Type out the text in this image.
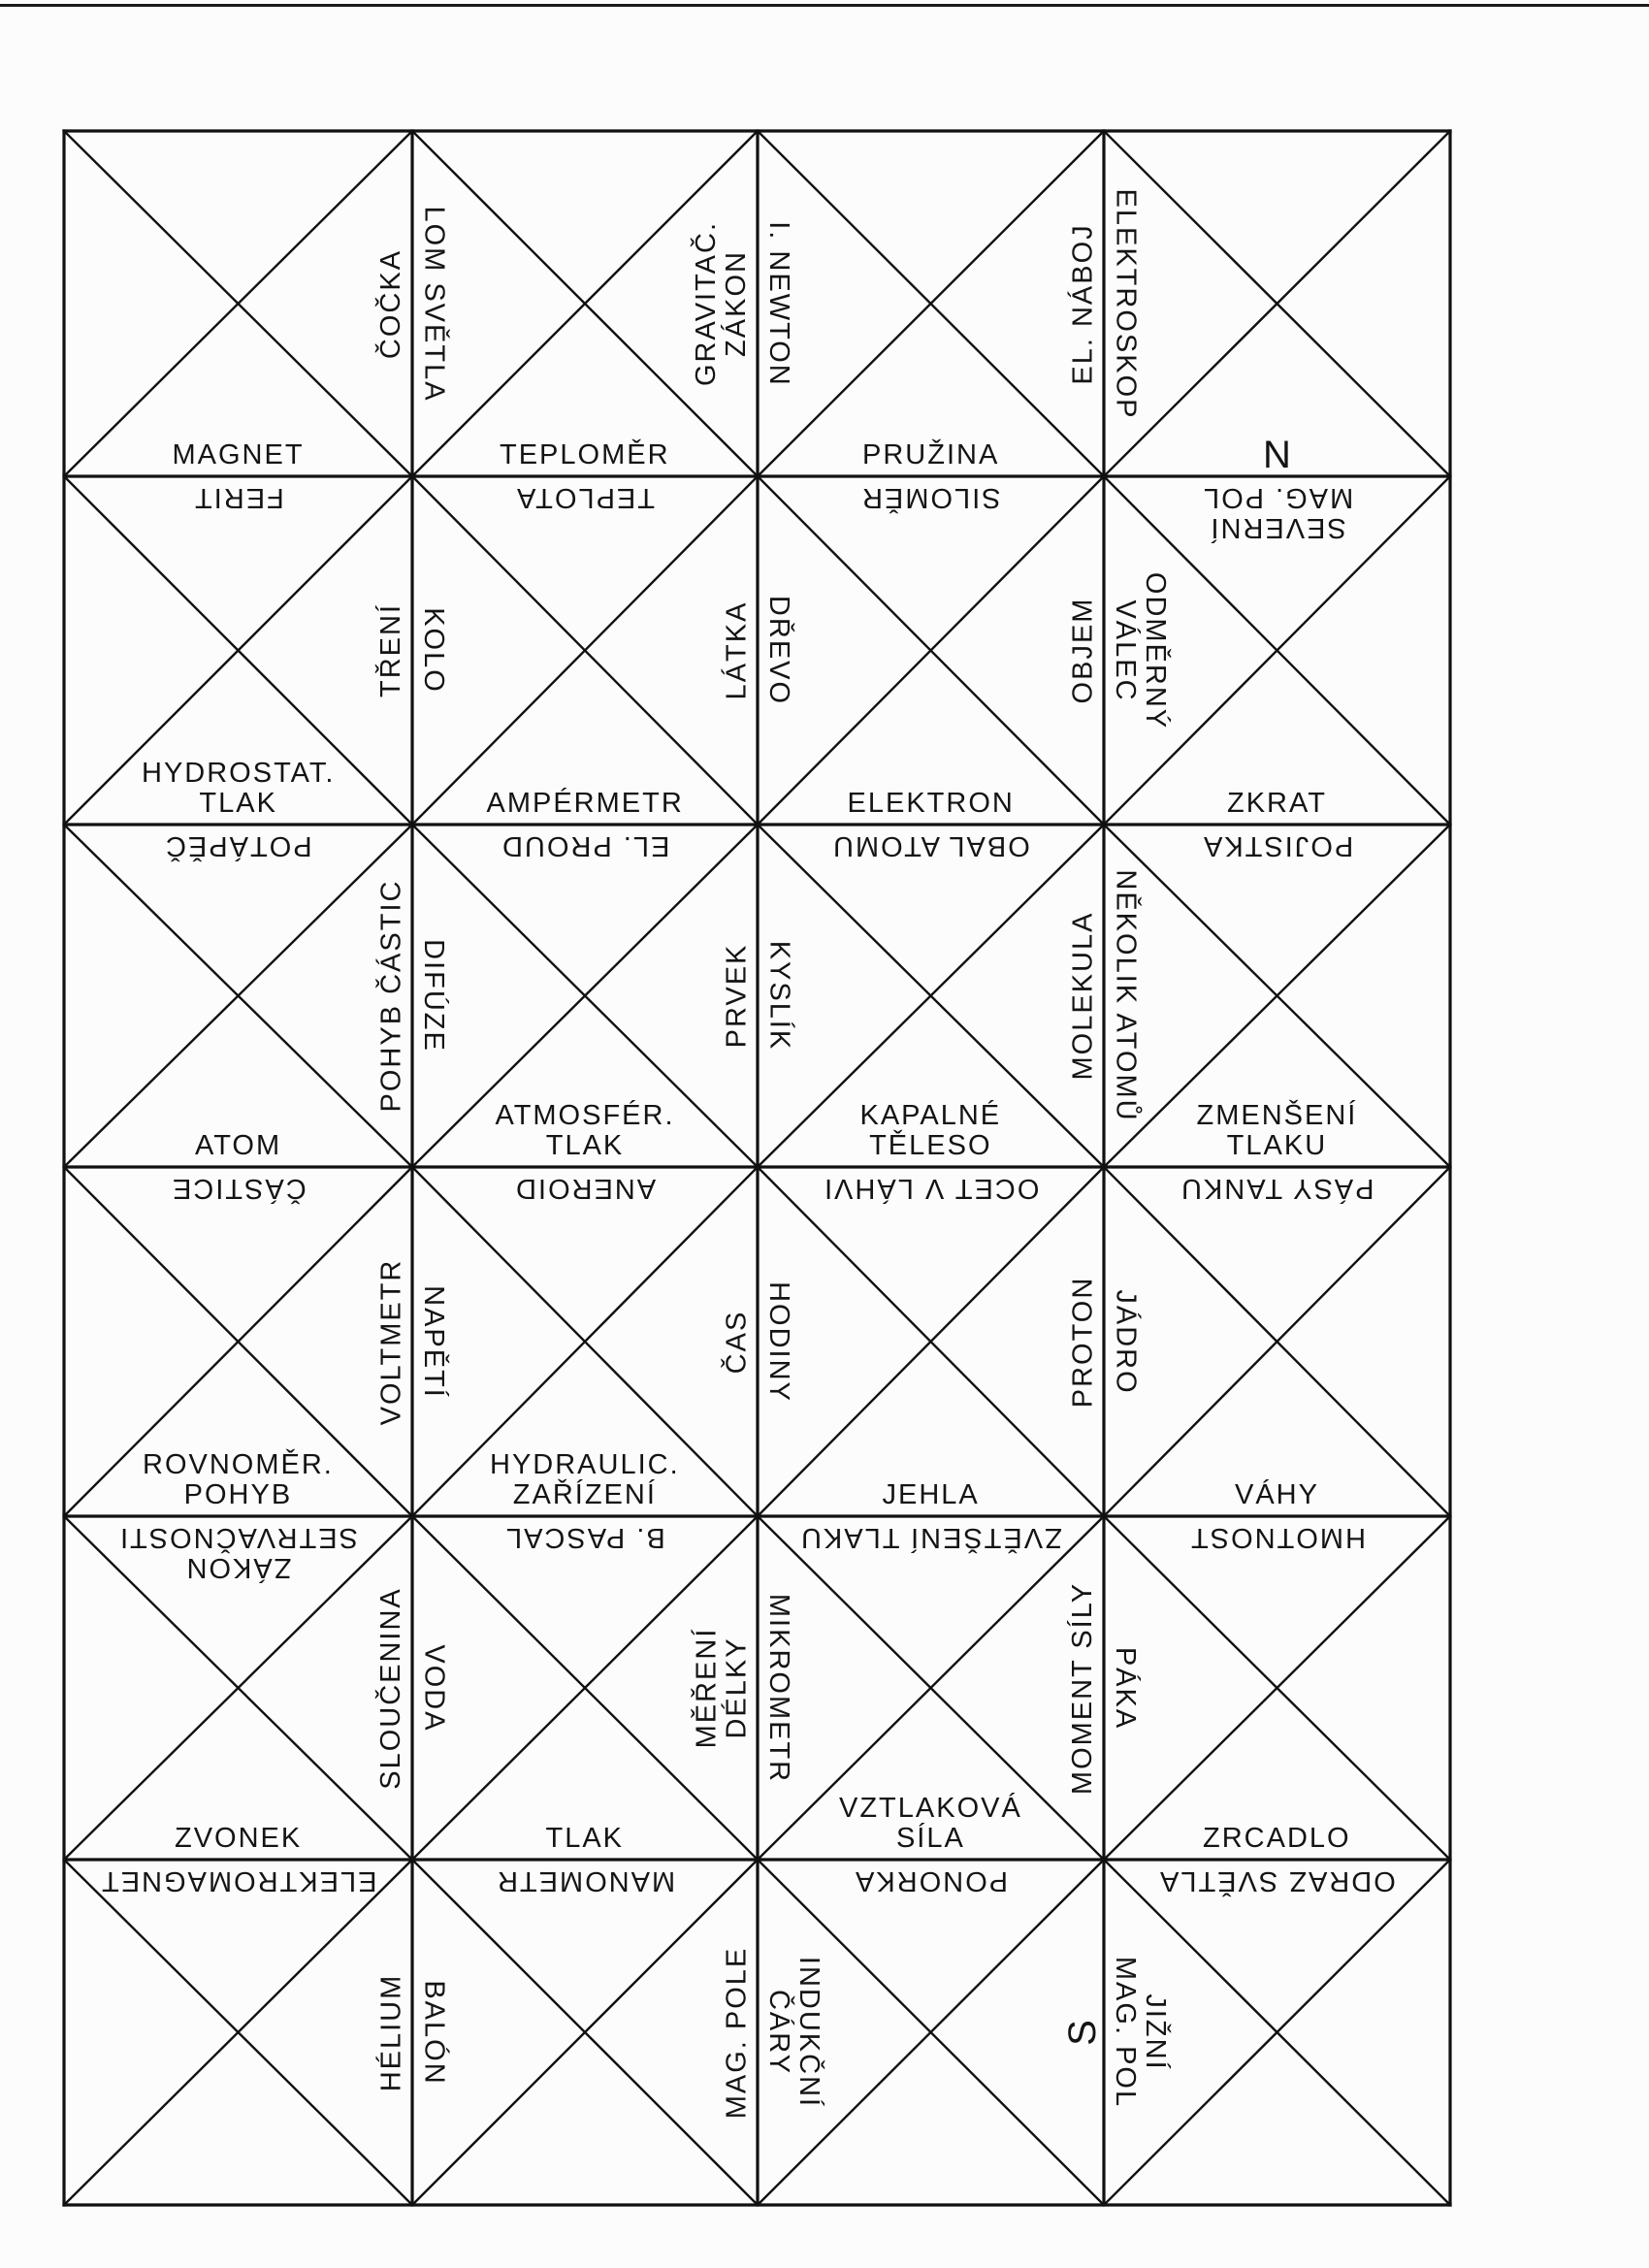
ČOČKA
MAGNET
GRAVITAČ.
ZÁKON
TEPLOMĚR
LOM SVĚTLA	EL. NÁBOJ
PRUŽINA
I. NEWTON
N
ELEKTROSKOP
FERIT
TŘENÍ
HYDROSTAT.
TLAK
TEPLOTA
LÁTKA
AMPÉRMETR
KOLO
SILOMĚR
OBJEM
ELEKTRON
DŘEVO
SEVERNÍ
MAG. POL
ZKRAT
ODMĚRNÝ
VÁLEC
POTÁPĚČ
POHYB ČÁSTIC
ATOM
EL. PROUD
PRVEK
ATMOSFÉR.
TLAK
DIFÚZE
OBAL ATOMU
MOLEKULA
KAPALNÉ
TĚLESO
KYSLÍK
POJISTKA
ZMENŠENÍ
TLAKU
NĚKOLIK ATOMŮ
ČÁSTICE
VOLTMETR
ROVNOMĚR.
POHYB
ANEROID
ČAS
HYDRAULIC.
ZAŘÍZENÍ
NAPĚTÍ
OCET V LÁHVI
PROTON
JEHLA
HODINY
PÁSY TANKU
VÁHY
JÁDRO
ZÁKON
SETRVAČNOSTI
SLOUČENINA
ZVONEK
B. PASCAL
MĚŘENÍ
DÉLKY
TLAK
VODA
ZVĚTŠENÍ TLAKU
MOMENT SÍLY
VZTLAKOVÁ
SÍLA
MIKROMETR
HMOTNOST
ZRCADLO
PÁKA
ELEKTROMAGNET
HÉLIUM
MANOMETR
MAG. POLE
BALÓN
PONORKA
S
INDUKČNÍ
ČÁRY
ODRAZ SVĚTLA
JIŽNÍ
MAG. POL
